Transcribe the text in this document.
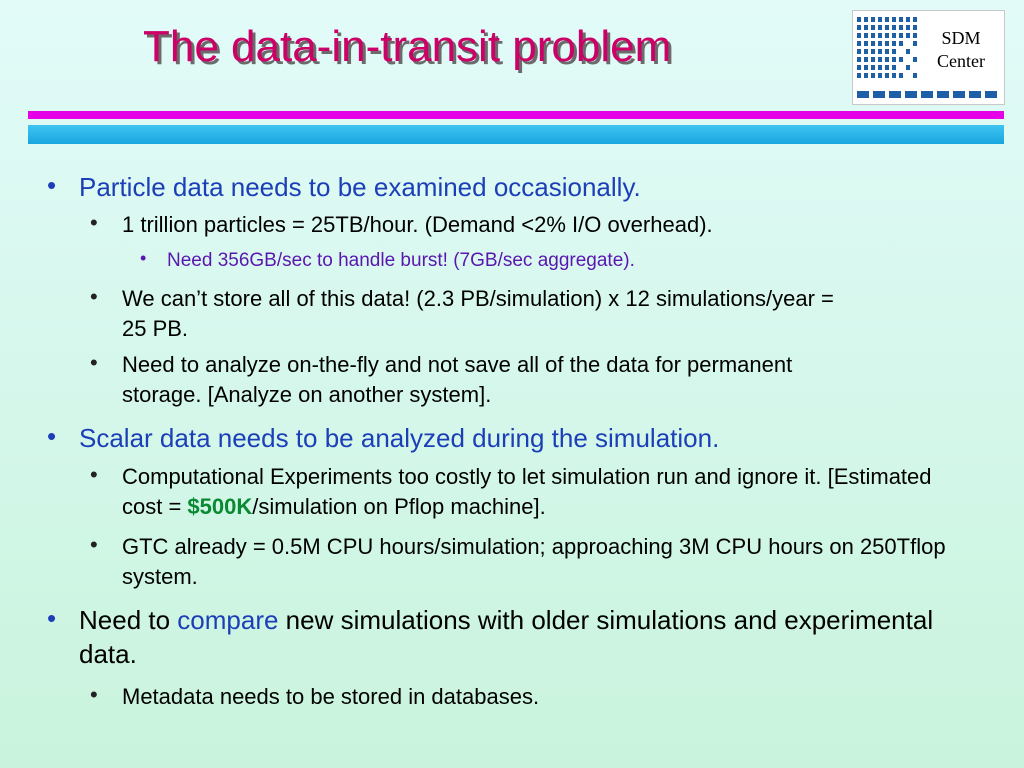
The data-in-transit problem	SDM
Center
• Particle data needs to be examined occasionally.
• 1 trillion particles = 25TB/hour. (Demand <2% I/O overhead).
• Need 356GB/sec to handle burst! (7GB/sec aggregate).
• We can’t store all of this data! (2.3 PB/simulation) x 12 simulations/year = 25 PB.
• Need to analyze on-the-fly and not save all of the data for permanent storage. [Analyze on another system].
• Scalar data needs to be analyzed during the simulation.
• Computational Experiments too costly to let simulation run and ignore it. [Estimated cost = $500K/simulation on Pflop machine].
• GTC already = 0.5M CPU hours/simulation; approaching 3M CPU hours on 250Tflop system.
• Need to compare new simulations with older simulations and experimental data.
• Metadata needs to be stored in databases.
